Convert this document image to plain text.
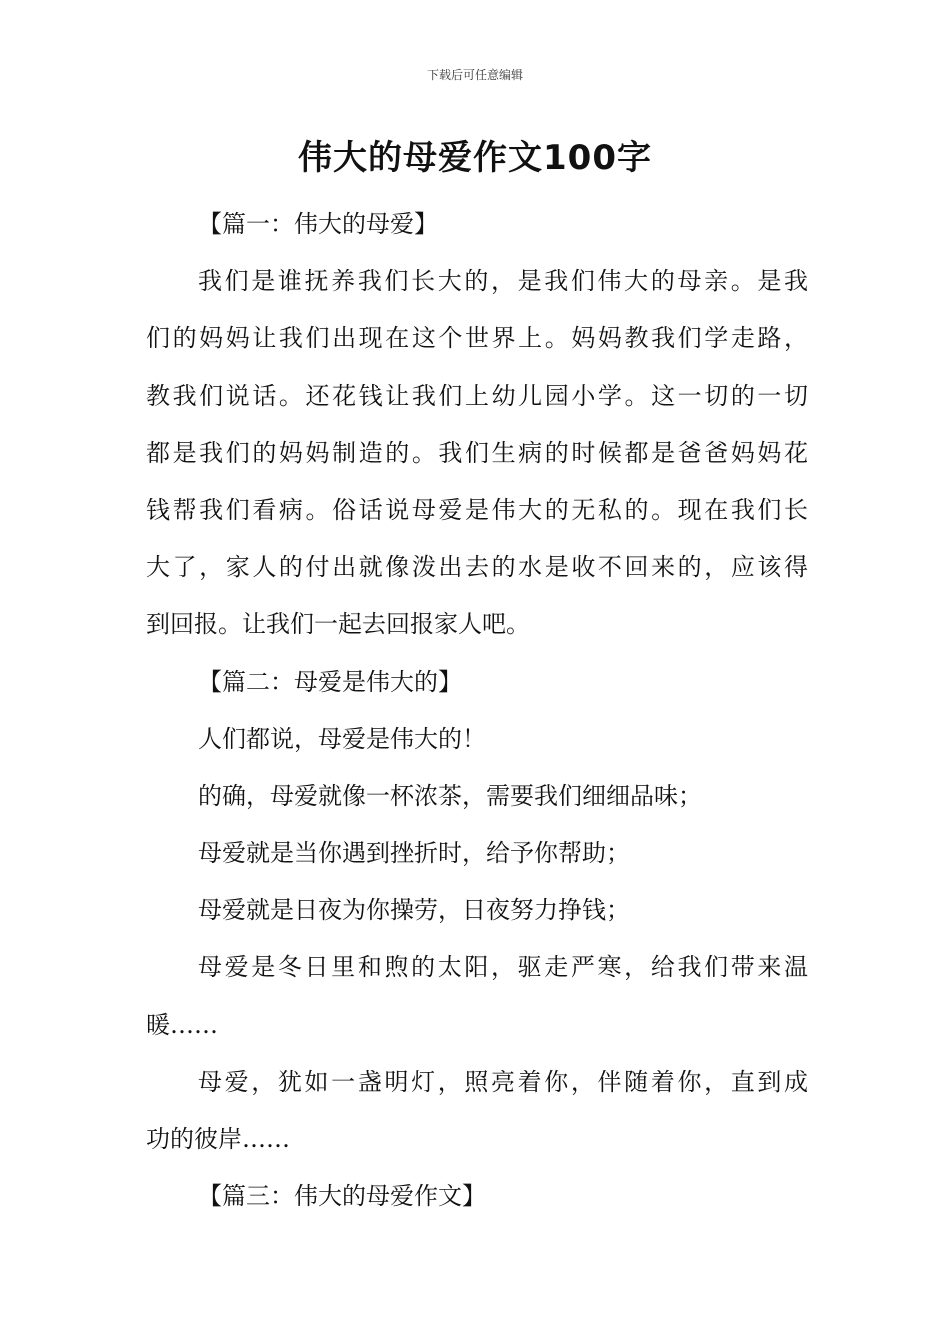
下载后可任意编辑
伟大的母爱作文100字
【篇一：伟大的母爱】
我们是谁抚养我们长大的，是我们伟大的母亲。是我
们的妈妈让我们出现在这个世界上。妈妈教我们学走路，
教我们说话。还花钱让我们上幼儿园小学。这一切的一切
都是我们的妈妈制造的。我们生病的时候都是爸爸妈妈花
钱帮我们看病。俗话说母爱是伟大的无私的。现在我们长
大了，家人的付出就像泼出去的水是收不回来的，应该得
到回报。让我们一起去回报家人吧。
【篇二：母爱是伟大的】
人们都说，母爱是伟大的！
的确，母爱就像一杯浓茶，需要我们细细品味；
母爱就是当你遇到挫折时，给予你帮助；
母爱就是日夜为你操劳，日夜努力挣钱；
母爱是冬日里和煦的太阳，驱走严寒，给我们带来温
暖……
母爱，犹如一盏明灯，照亮着你，伴随着你，直到成
功的彼岸……
【篇三：伟大的母爱作文】
